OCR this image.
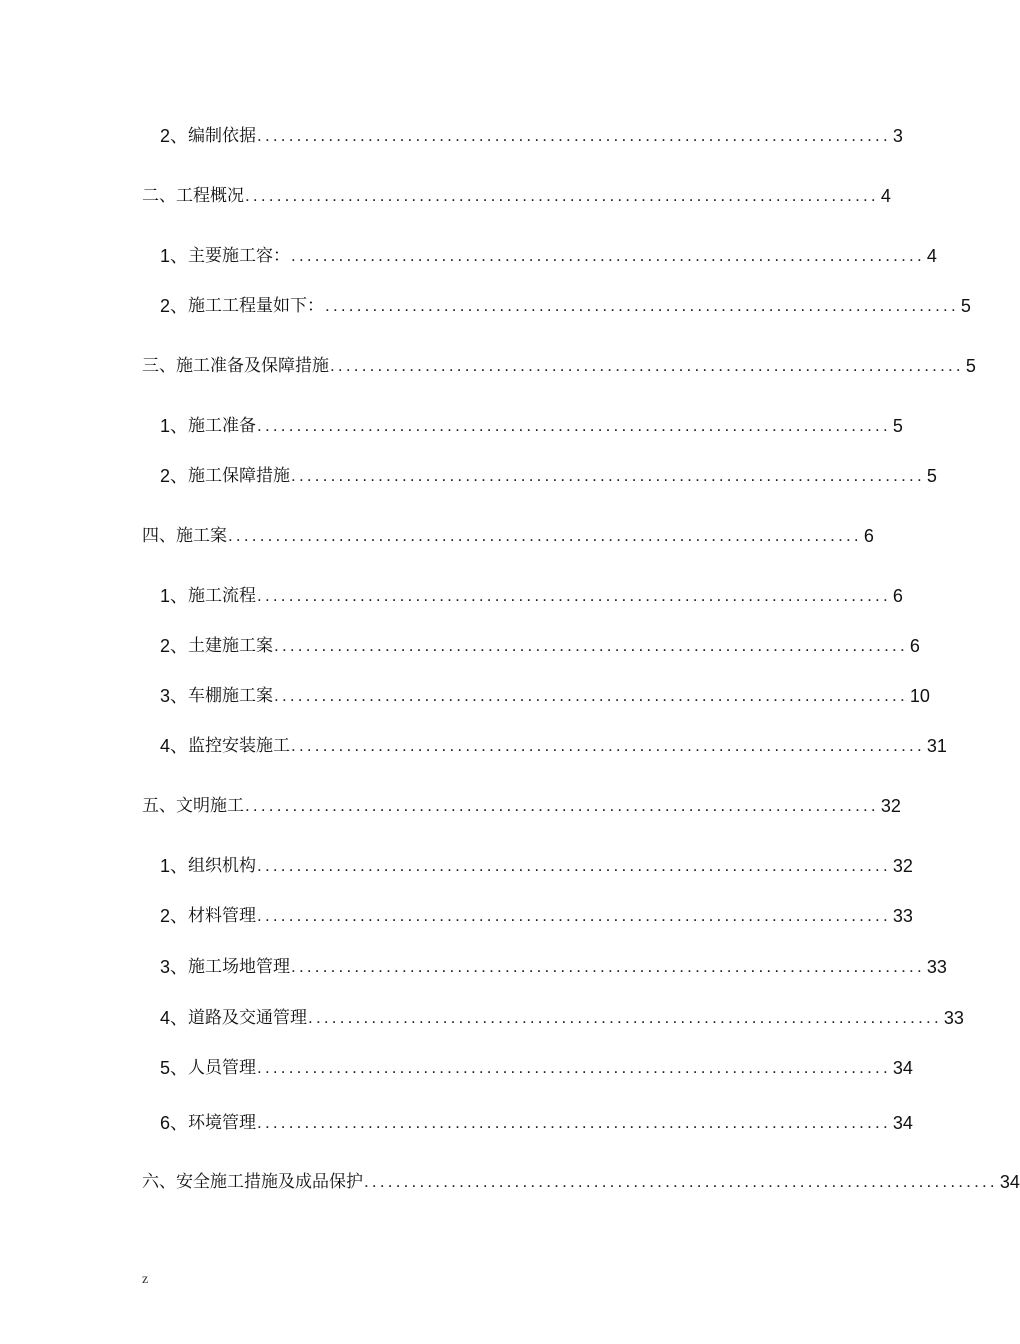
2、 编制依据 ................................................................................ 3
二、 工程概况 ................................................................................ 4
1、 主要施工容： ................................................................................ 4
2、 施工工程量如下： ................................................................................ 5
三、 施工准备及保障措施 ................................................................................ 5
1、 施工准备 ................................................................................ 5
2、 施工保障措施 ................................................................................ 5
四、 施工案 ................................................................................ 6
1、 施工流程 ................................................................................ 6
2、 土建施工案 ................................................................................ 6
3、 车棚施工案 ................................................................................ 10
4、 监控安装施工 ................................................................................ 31
五、 文明施工 ................................................................................ 32
1、 组织机构 ................................................................................ 32
2、 材料管理 ................................................................................ 33
3、 施工场地管理 ................................................................................ 33
4、 道路及交通管理 ................................................................................ 33
5、 人员管理 ................................................................................ 34
6、 环境管理 ................................................................................ 34
六、 安全施工措施及成品保护 ................................................................................ 34
z
